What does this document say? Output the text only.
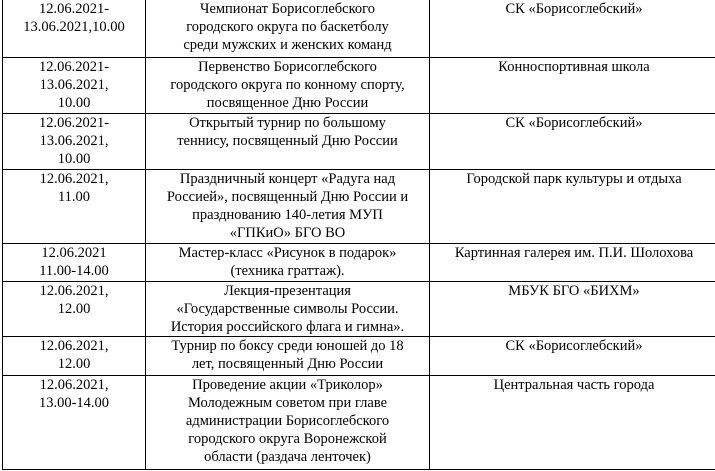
12.06.2021-
13.06.2021,10.00	Чемпионат Борисоглебского
городского округа по баскетболу
среди мужских и женских команд	СК «Борисоглебский»

12.06.2021-
13.06.2021,
10.00	Первенство Борисоглебского
городского округа по конному спорту,
посвященное Дню России	Конноспортивная школа

12.06.2021-
13.06.2021,
10.00	Открытый турнир по большому
теннису, посвященный Дню России	СК «Борисоглебский»

12.06.2021,
11.00	Праздничный концерт «Радуга над
Россией», посвященный Дню России и
празднованию 140-летия МУП
«ГПКиО» БГО ВО	Городской парк культуры и отдыха

12.06.2021
11.00-14.00	Мастер-класс «Рисунок в подарок»
(техника граттаж).	Картинная галерея им. П.И. Шолохова

12.06.2021,
12.00	Лекция-презентация
«Государственные символы России.
История российского флага и гимна».	МБУК БГО «БИХМ»

12.06.2021,
12.00	Турнир по боксу среди юношей до 18
лет, посвященный Дню России	СК «Борисоглебский»

12.06.2021,
13.00-14.00	Проведение акции «Триколор»
Молодежным советом при главе
администрации Борисоглебского
городского округа Воронежской
области (раздача ленточек)	Центральная часть города
